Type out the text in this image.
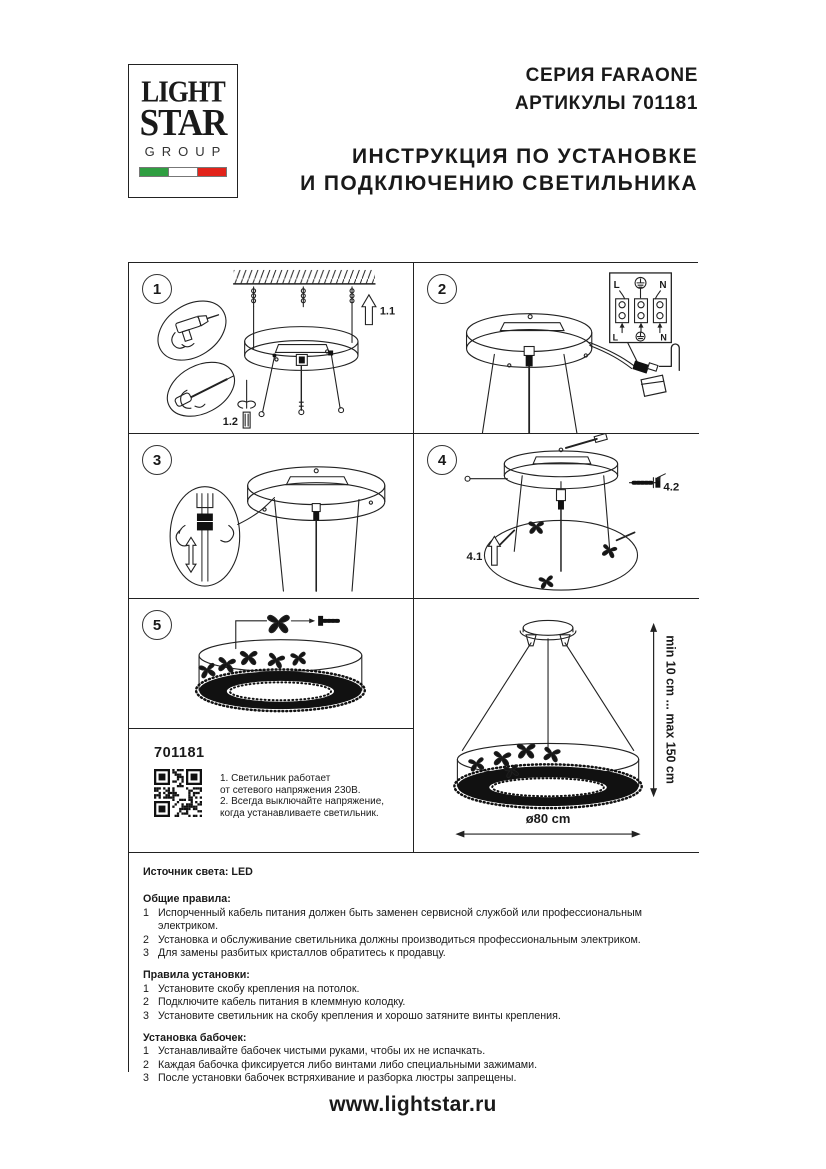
LIGHT
STAR
GROUP
СЕРИЯ FARAONE
АРТИКУЛЫ 701181
ИНСТРУКЦИЯ ПО УСТАНОВКЕ
И ПОДКЛЮЧЕНИЮ СВЕТИЛЬНИКА
1
1.1
1.2
2	L	N
L	N
3	4
4.1
4.2
5
701181
1. Светильник работает
от сетевого напряжения 230В.
2. Всегда выключайте напряжение,
когда устанавливаете светильник.
min 10 cm ... max 150 cm
ø80 cm

Источник света: LED

Общие правила:
Испорченный кабель питания должен быть заменен сервисной службой или профессиональным электриком.
Установка и обслуживание светильника должны производиться профессиональным электриком.
Для замены разбитых кристаллов обратитесь к продавцу.
Правила установки:
Установите скобу крепления на потолок.
Подключите кабель питания в клеммную колодку.
Установите светильник на скобу крепления и хорошо затяните винты крепления.
Установка бабочек:
Устанавливайте бабочек чистыми руками, чтобы их не испачкать.
Каждая бабочка фиксируется либо винтами либо специальными зажимами.
После установки бабочек встряхивание и разборка люстры запрещены.
www.lightstar.ru
